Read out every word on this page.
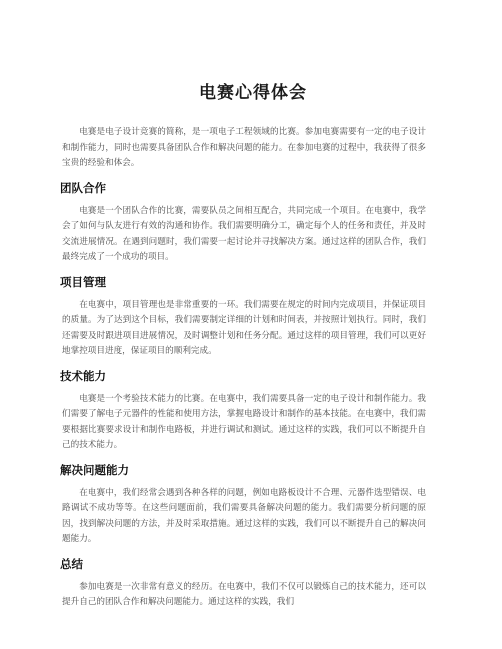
电赛心得体会

电赛是电子设计竞赛的简称，是一项电子工程领域的比赛。参加电赛需要有一定的电子设计和制作能力，同时也需要具备团队合作和解决问题的能力。在参加电赛的过程中，我获得了很多宝贵的经验和体会。

团队合作

电赛是一个团队合作的比赛，需要队员之间相互配合，共同完成一个项目。在电赛中，我学会了如何与队友进行有效的沟通和协作。我们需要明确分工，确定每个人的任务和责任，并及时交流进展情况。在遇到问题时，我们需要一起讨论并寻找解决方案。通过这样的团队合作，我们最终完成了一个成功的项目。

项目管理

在电赛中，项目管理也是非常重要的一环。我们需要在规定的时间内完成项目，并保证项目的质量。为了达到这个目标，我们需要制定详细的计划和时间表，并按照计划执行。同时，我们还需要及时跟进项目进展情况，及时调整计划和任务分配。通过这样的项目管理，我们可以更好地掌控项目进度，保证项目的顺利完成。

技术能力

电赛是一个考验技术能力的比赛。在电赛中，我们需要具备一定的电子设计和制作能力。我们需要了解电子元器件的性能和使用方法，掌握电路设计和制作的基本技能。在电赛中，我们需要根据比赛要求设计和制作电路板，并进行调试和测试。通过这样的实践，我们可以不断提升自己的技术能力。

解决问题能力

在电赛中，我们经常会遇到各种各样的问题，例如电路板设计不合理、元器件选型错误、电路调试不成功等等。在这些问题面前，我们需要具备解决问题的能力。我们需要分析问题的原因，找到解决问题的方法，并及时采取措施。通过这样的实践，我们可以不断提升自己的解决问题能力。

总结

参加电赛是一次非常有意义的经历。在电赛中，我们不仅可以锻炼自己的技术能力，还可以提升自己的团队合作和解决问题能力。通过这样的实践，我们
